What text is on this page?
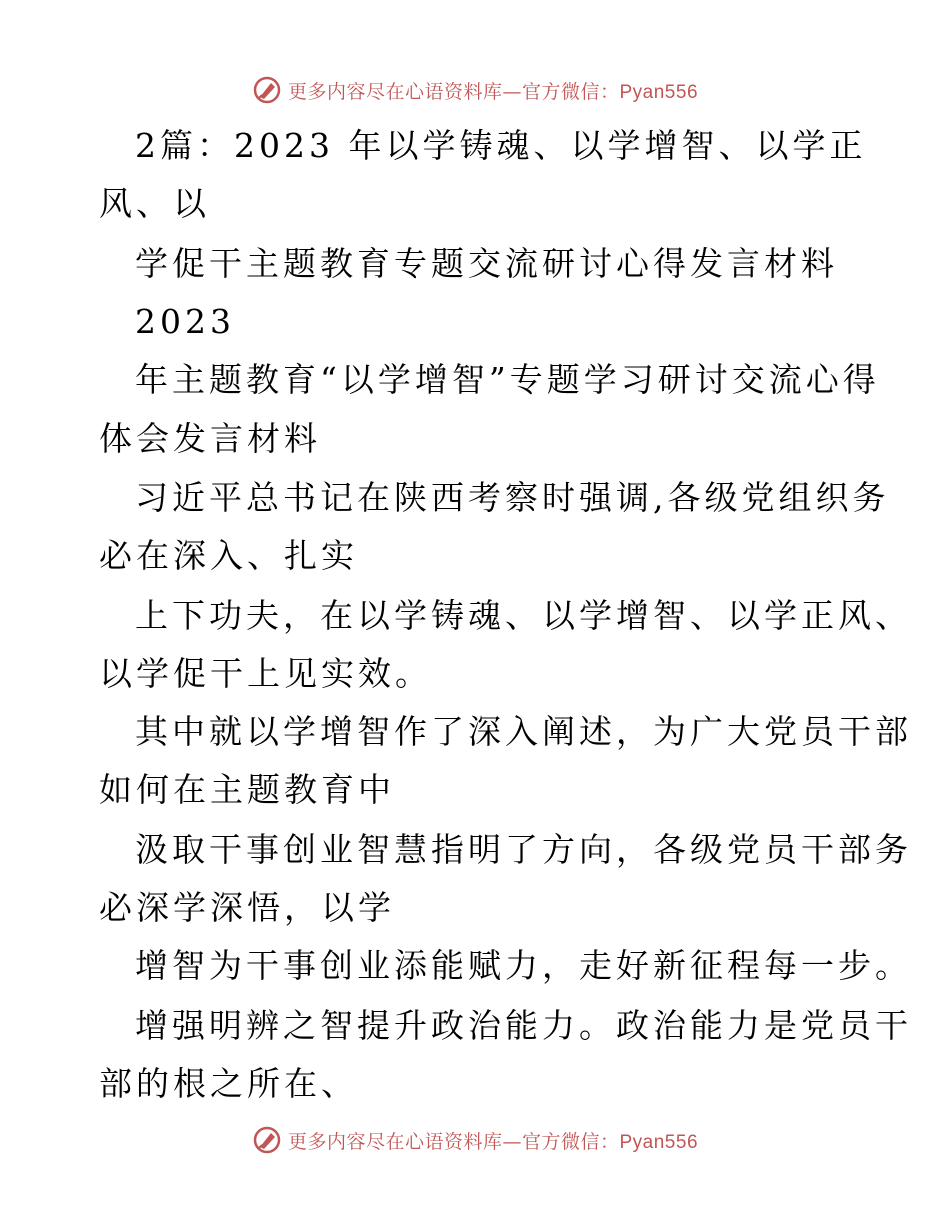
更多内容尽在心语资料库—官方微信：Pyan556
2篇：2023 年以学铸魂、以学增智、以学正
风、以
学促干主题教育专题交流研讨心得发言材料
2023
年主题教育“以学增智”专题学习研讨交流心得
体会发言材料
习近平总书记在陕西考察时强调,各级党组织务
必在深入、扎实
上下功夫，在以学铸魂、以学增智、以学正风、
以学促干上见实效。
其中就以学增智作了深入阐述，为广大党员干部
如何在主题教育中
汲取干事创业智慧指明了方向，各级党员干部务
必深学深悟，以学
增智为干事创业添能赋力，走好新征程每一步。
增强明辨之智提升政治能力。政治能力是党员干
部的根之所在、
更多内容尽在心语资料库—官方微信：Pyan556
